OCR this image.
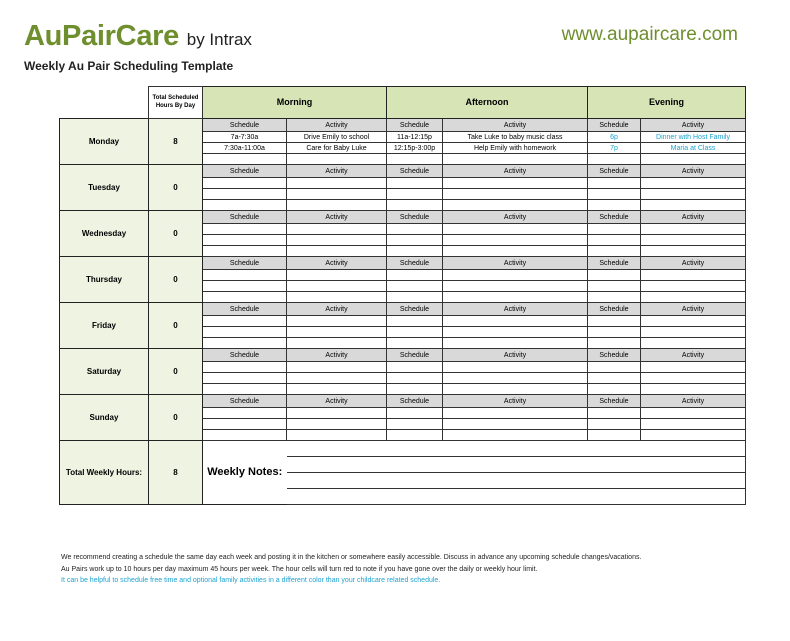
AuPairCare by Intrax	www.aupaircare.com
Weekly Au Pair Scheduling Template
	Total Scheduled Hours By Day	Morning		Afternoon		Evening	
Monday	8	Schedule	Activity	Schedule	Activity	Schedule	Activity
		7a-7:30a	Drive Emily to school	11a-12:15p	Take Luke to baby music class	6p	Dinner with Host Family
		7:30a-11:00a	Care for Baby Luke	12:15p-3:00p	Help Emily with homework	7p	Maria at Class

Tuesday	0	Schedule	Activity	Schedule	Activity	Schedule	Activity

Wednesday	0	Schedule	Activity	Schedule	Activity	Schedule	Activity

Thursday	0	Schedule	Activity	Schedule	Activity	Schedule	Activity

Friday	0	Schedule	Activity	Schedule	Activity	Schedule	Activity

Saturday	0	Schedule	Activity	Schedule	Activity	Schedule	Activity

Sunday	0	Schedule	Activity	Schedule	Activity	Schedule	Activity

Total Weekly Hours:	8	Weekly Notes:					

We recommend creating a schedule the same day each week and posting it in the kitchen or somewhere easily accessible. Discuss in advance any upcoming schedule changes/vacations.
Au Pairs work up to 10 hours per day maximum 45 hours per week. The hour cells will turn red to note if you have gone over the daily or weekly hour limit.
It can be helpful to schedule free time and optional family activities in a different color than your childcare related schedule.
